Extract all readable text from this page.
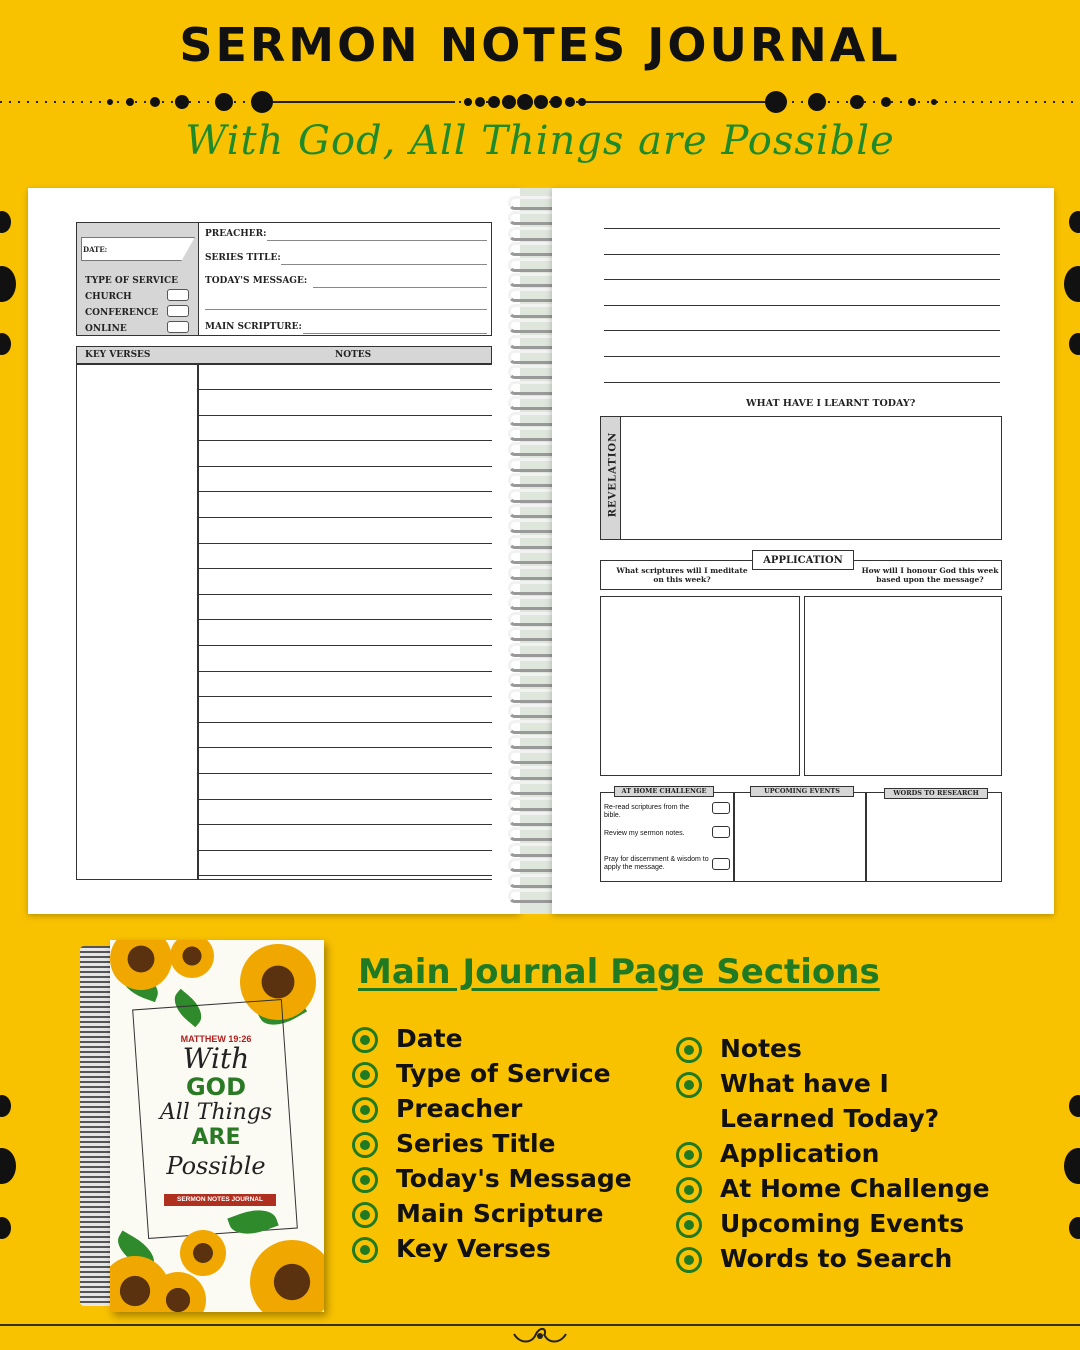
SERMON NOTES JOURNAL
With God, All Things are Possible
DATE:
TYPE OF SERVICE
CHURCH
CONFERENCE
ONLINE
PREACHER:
SERIES TITLE:
TODAY'S MESSAGE:
MAIN SCRIPTURE:
KEY VERSES	NOTES
WHAT HAVE I LEARNT TODAY?
REVELATION
What scriptures will I meditate on this week?
How will I honour God this week based upon the message?
APPLICATION
AT HOME CHALLENGE	UPCOMING EVENTS	WORDS TO RESEARCH
Re-read scriptures from the bible.
Review my sermon notes.
Pray for discernment & wisdom to apply the message.
MATTHEW 19:26
With
GOD
All Things
ARE
Possible
SERMON NOTES JOURNAL
Main Journal Page Sections
Date
Type of Service
Preacher
Series Title
Today's Message
Main Scripture
Key Verses
Notes
What have I Learned Today?
Application
At Home Challenge
Upcoming Events
Words to Search
